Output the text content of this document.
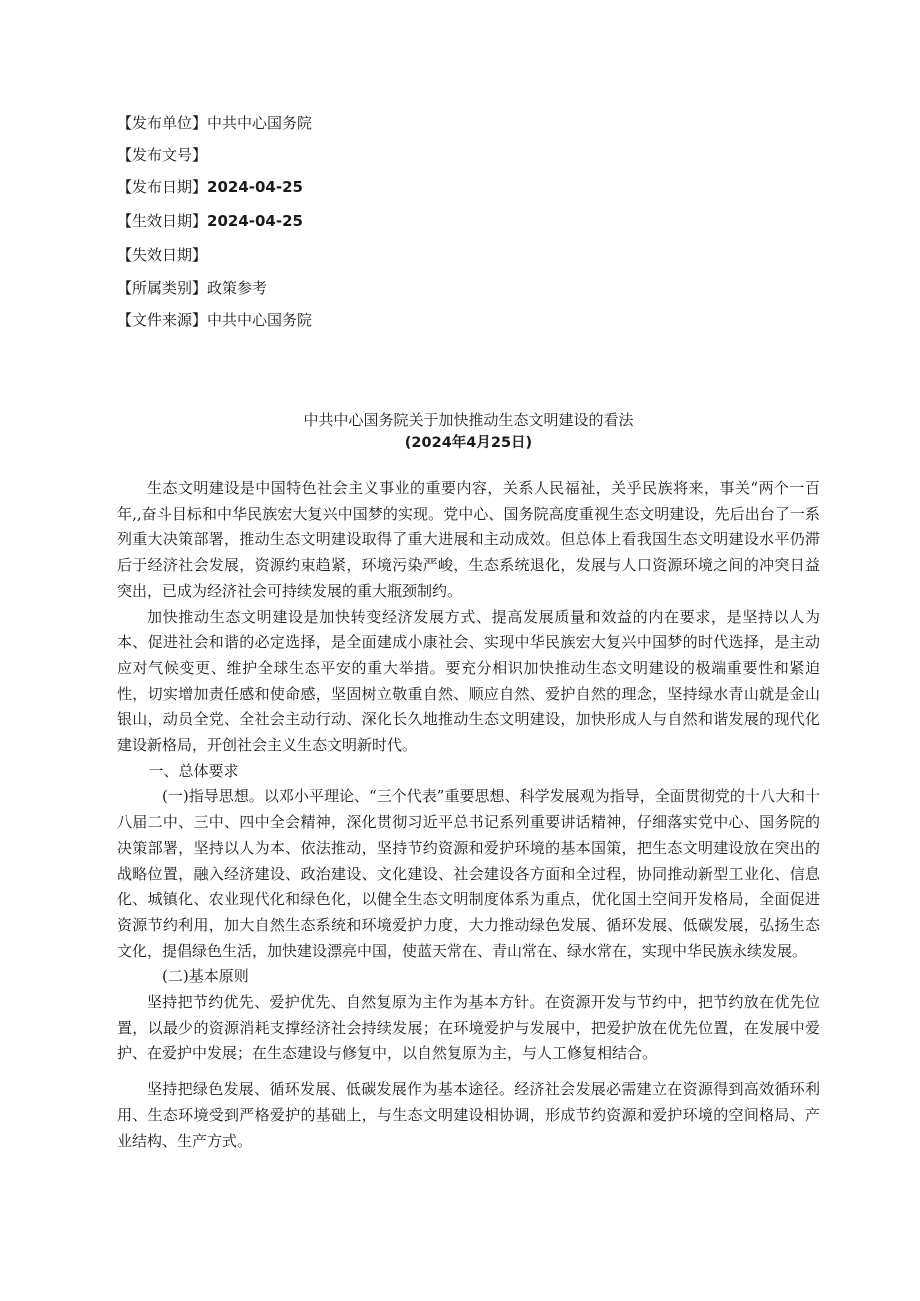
【发布单位】中共中心国务院
【发布文号】
【发布日期】2024-04-25
【生效日期】2024-04-25
【失效日期】
【所属类别】政策参考
【文件来源】中共中心国务院
中共中心国务院关于加快推动生态文明建设的看法
(2024年4月25日)

生态文明建设是中国特色社会主义事业的重要内容，关系人民福祉，关乎民族将来，事关“两个一百年,,奋斗目标和中华民族宏大复兴中国梦的实现。党中心、国务院高度重视生态文明建设，先后出台了一系列重大决策部署，推动生态文明建设取得了重大进展和主动成效。但总体上看我国生态文明建设水平仍滞后于经济社会发展，资源约束趋紧，环境污染严峻，生态系统退化，发展与人口资源环境之间的冲突日益突出，已成为经济社会可持续发展的重大瓶颈制约。

加快推动生态文明建设是加快转变经济发展方式、提高发展质量和效益的内在要求，是坚持以人为本、促进社会和谐的必定选择，是全面建成小康社会、实现中华民族宏大复兴中国梦的时代选择，是主动应对气候变更、维护全球生态平安的重大举措。要充分相识加快推动生态文明建设的极端重要性和紧迫性，切实增加责任感和使命感，坚固树立敬重自然、顺应自然、爱护自然的理念，坚持绿水青山就是金山银山，动员全党、全社会主动行动、深化长久地推动生态文明建设，加快形成人与自然和谐发展的现代化建设新格局，开创社会主义生态文明新时代。

一、总体要求

(一)指导思想。以邓小平理论、“三个代表”重要思想、科学发展观为指导，全面贯彻党的十八大和十八届二中、三中、四中全会精神，深化贯彻习近平总书记系列重要讲话精神，仔细落实党中心、国务院的决策部署，坚持以人为本、依法推动，坚持节约资源和爱护环境的基本国策，把生态文明建设放在突出的战略位置，融入经济建设、政治建设、文化建设、社会建设各方面和全过程，协同推动新型工业化、信息化、城镇化、农业现代化和绿色化，以健全生态文明制度体系为重点，优化国土空间开发格局，全面促进资源节约利用，加大自然生态系统和环境爱护力度，大力推动绿色发展、循环发展、低碳发展，弘扬生态文化，提倡绿色生活，加快建设漂亮中国，使蓝天常在、青山常在、绿水常在，实现中华民族永续发展。

(二)基本原则

坚持把节约优先、爱护优先、自然复原为主作为基本方针。在资源开发与节约中，把节约放在优先位置，以最少的资源消耗支撑经济社会持续发展；在环境爱护与发展中，把爱护放在优先位置，在发展中爱护、在爱护中发展；在生态建设与修复中，以自然复原为主，与人工修复相结合。

坚持把绿色发展、循环发展、低碳发展作为基本途径。经济社会发展必需建立在资源得到高效循环利用、生态环境受到严格爱护的基础上，与生态文明建设相协调，形成节约资源和爱护环境的空间格局、产业结构、生产方式。
